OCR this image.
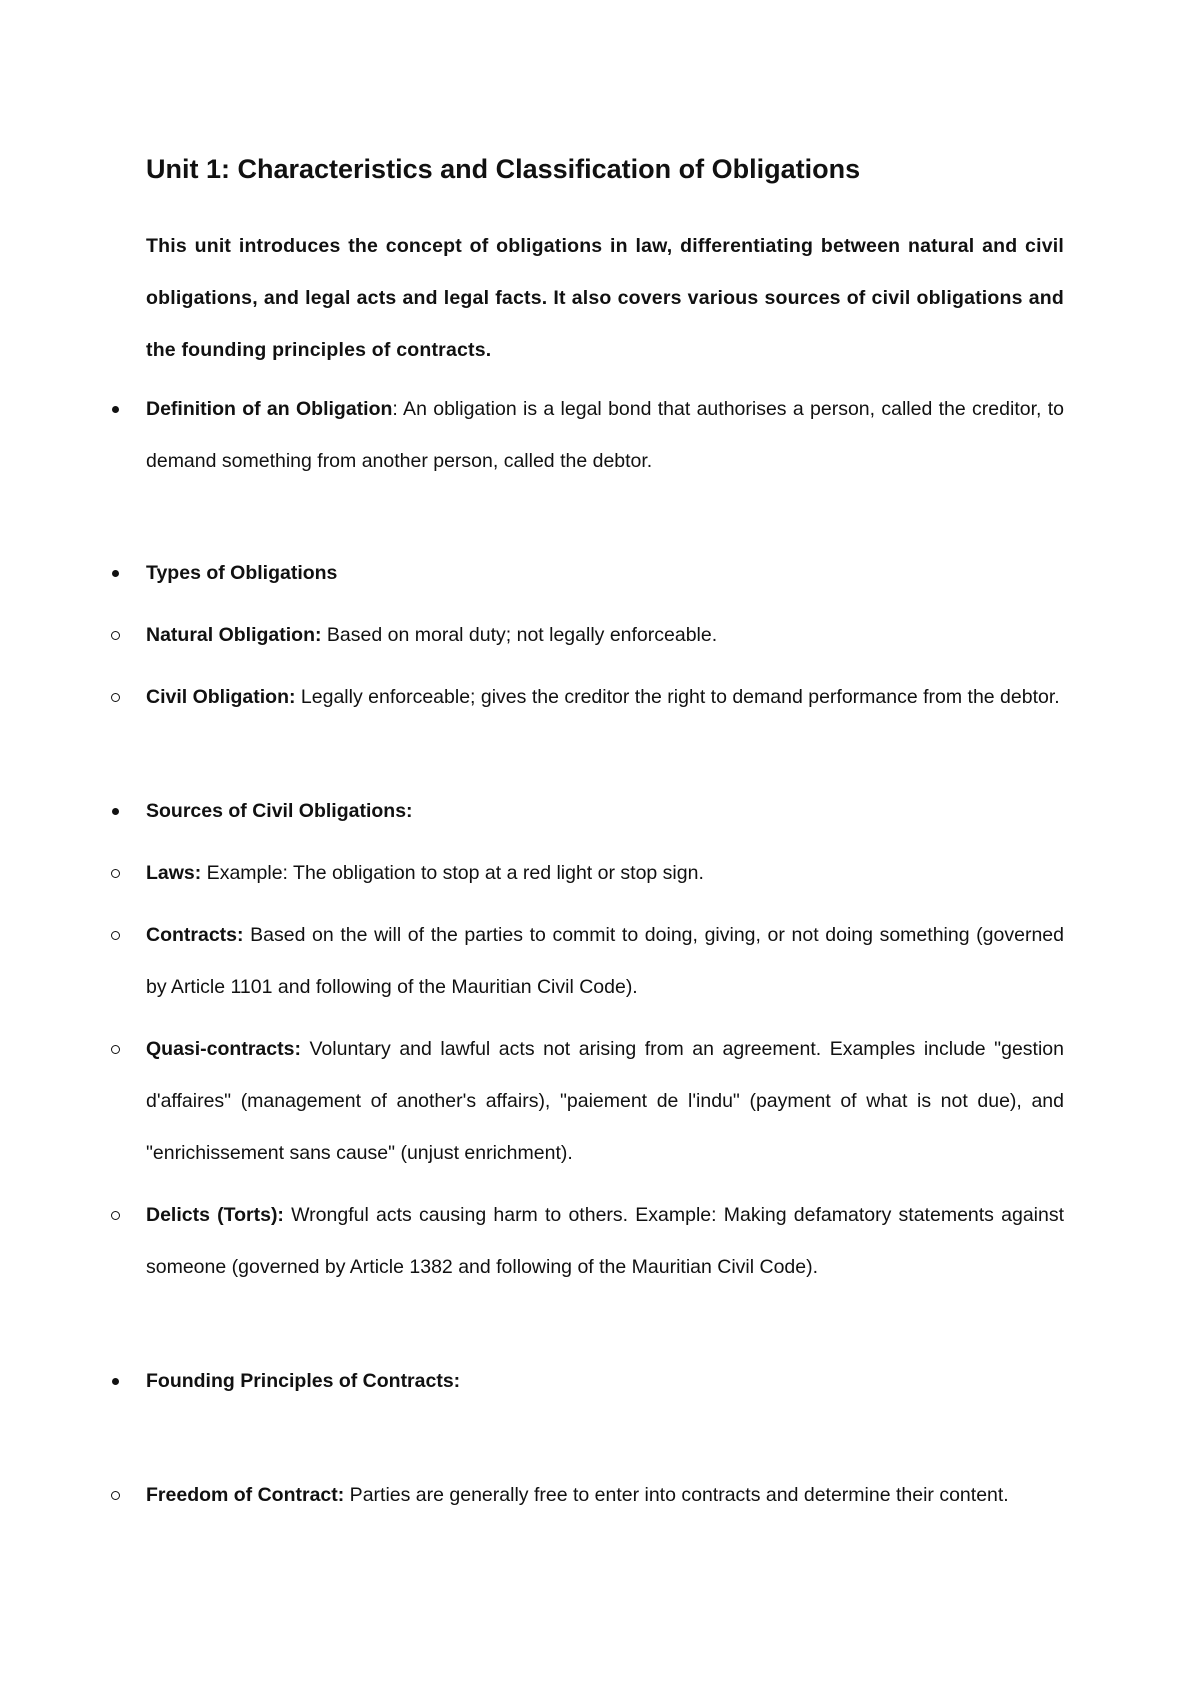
Unit 1: Characteristics and Classification of Obligations

This unit introduces the concept of obligations in law, differentiating between natural and civil obligations, and legal acts and legal facts. It also covers various sources of civil obligations and the founding principles of contracts.

Definition of an Obligation: An obligation is a legal bond that authorises a person, called the creditor, to demand something from another person, called the debtor.
Types of Obligations
Natural Obligation: Based on moral duty; not legally enforceable.
Civil Obligation: Legally enforceable; gives the creditor the right to demand performance from the debtor.
Sources of Civil Obligations:
Laws: Example: The obligation to stop at a red light or stop sign.
Contracts: Based on the will of the parties to commit to doing, giving, or not doing something (governed by Article 1101 and following of the Mauritian Civil Code).
Quasi-contracts: Voluntary and lawful acts not arising from an agreement. Examples include "gestion d'affaires" (management of another's affairs), "paiement de l'indu" (payment of what is not due), and "enrichissement sans cause" (unjust enrichment).
Delicts (Torts): Wrongful acts causing harm to others. Example: Making defamatory statements against someone (governed by Article 1382 and following of the Mauritian Civil Code).
Founding Principles of Contracts:
Freedom of Contract: Parties are generally free to enter into contracts and determine their content.
